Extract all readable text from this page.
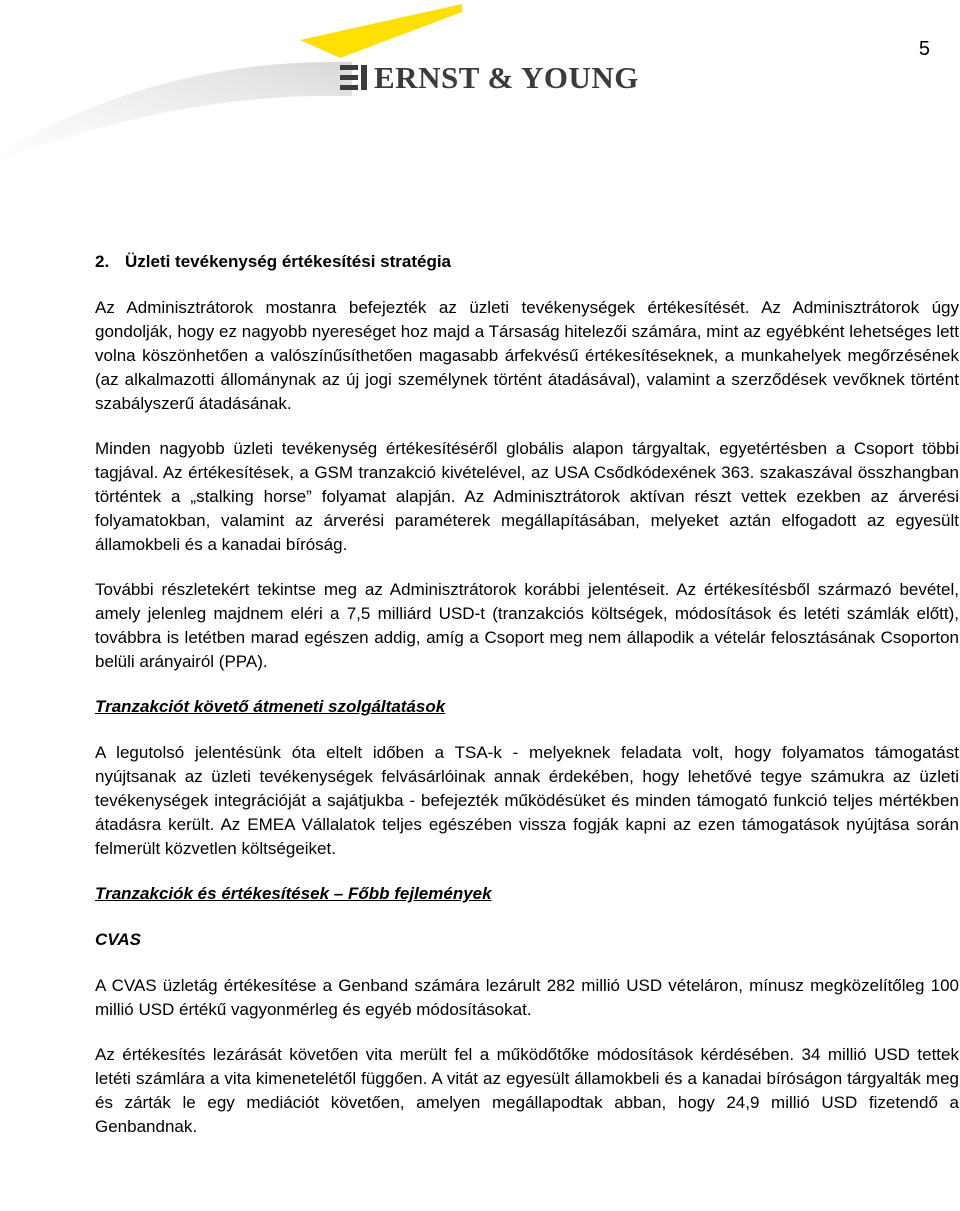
5
ERNST & YOUNG
2. Üzleti tevékenység értékesítési stratégia

Az Adminisztrátorok mostanra befejezték az üzleti tevékenységek értékesítését. Az Adminisztrátorok úgy gondolják, hogy ez nagyobb nyereséget hoz majd a Társaság hitelezői számára, mint az egyébként lehetséges lett volna köszönhetően a valószínűsíthetően magasabb árfekvésű értékesítéseknek, a munkahelyek megőrzésének (az alkalmazotti állománynak az új jogi személynek történt átadásával), valamint a szerződések vevőknek történt szabályszerű átadásának.

Minden nagyobb üzleti tevékenység értékesítéséről globális alapon tárgyaltak, egyetértésben a Csoport többi tagjával. Az értékesítések, a GSM tranzakció kivételével, az USA Csődkódexének 363. szakaszával összhangban történtek a „stalking horse” folyamat alapján. Az Adminisztrátorok aktívan részt vettek ezekben az árverési folyamatokban, valamint az árverési paraméterek megállapításában, melyeket aztán elfogadott az egyesült államokbeli és a kanadai bíróság.

További részletekért tekintse meg az Adminisztrátorok korábbi jelentéseit. Az értékesítésből származó bevétel, amely jelenleg majdnem eléri a 7,5 milliárd USD-t (tranzakciós költségek, módosítások és letéti számlák előtt), továbbra is letétben marad egészen addig, amíg a Csoport meg nem állapodik a vételár felosztásának Csoporton belüli arányairól (PPA).

Tranzakciót követő átmeneti szolgáltatások

A legutolsó jelentésünk óta eltelt időben a TSA-k - melyeknek feladata volt, hogy folyamatos támogatást nyújtsanak az üzleti tevékenységek felvásárlóinak annak érdekében, hogy lehetővé tegye számukra az üzleti tevékenységek integrációját a sajátjukba - befejezték működésüket és minden támogató funkció teljes mértékben átadásra került. Az EMEA Vállalatok teljes egészében vissza fogják kapni az ezen támogatások nyújtása során felmerült közvetlen költségeiket.

Tranzakciók és értékesítések – Főbb fejlemények
CVAS

A CVAS üzletág értékesítése a Genband számára lezárult 282 millió USD vételáron, mínusz megközelítőleg 100 millió USD értékű vagyonmérleg és egyéb módosításokat.

Az értékesítés lezárását követően vita merült fel a működőtőke módosítások kérdésében. 34 millió USD tettek letéti számlára a vita kimenetelétől függően. A vitát az egyesült államokbeli és a kanadai bíróságon tárgyalták meg és zárták le egy mediációt követően, amelyen megállapodtak abban, hogy 24,9 millió USD fizetendő a Genbandnak.
